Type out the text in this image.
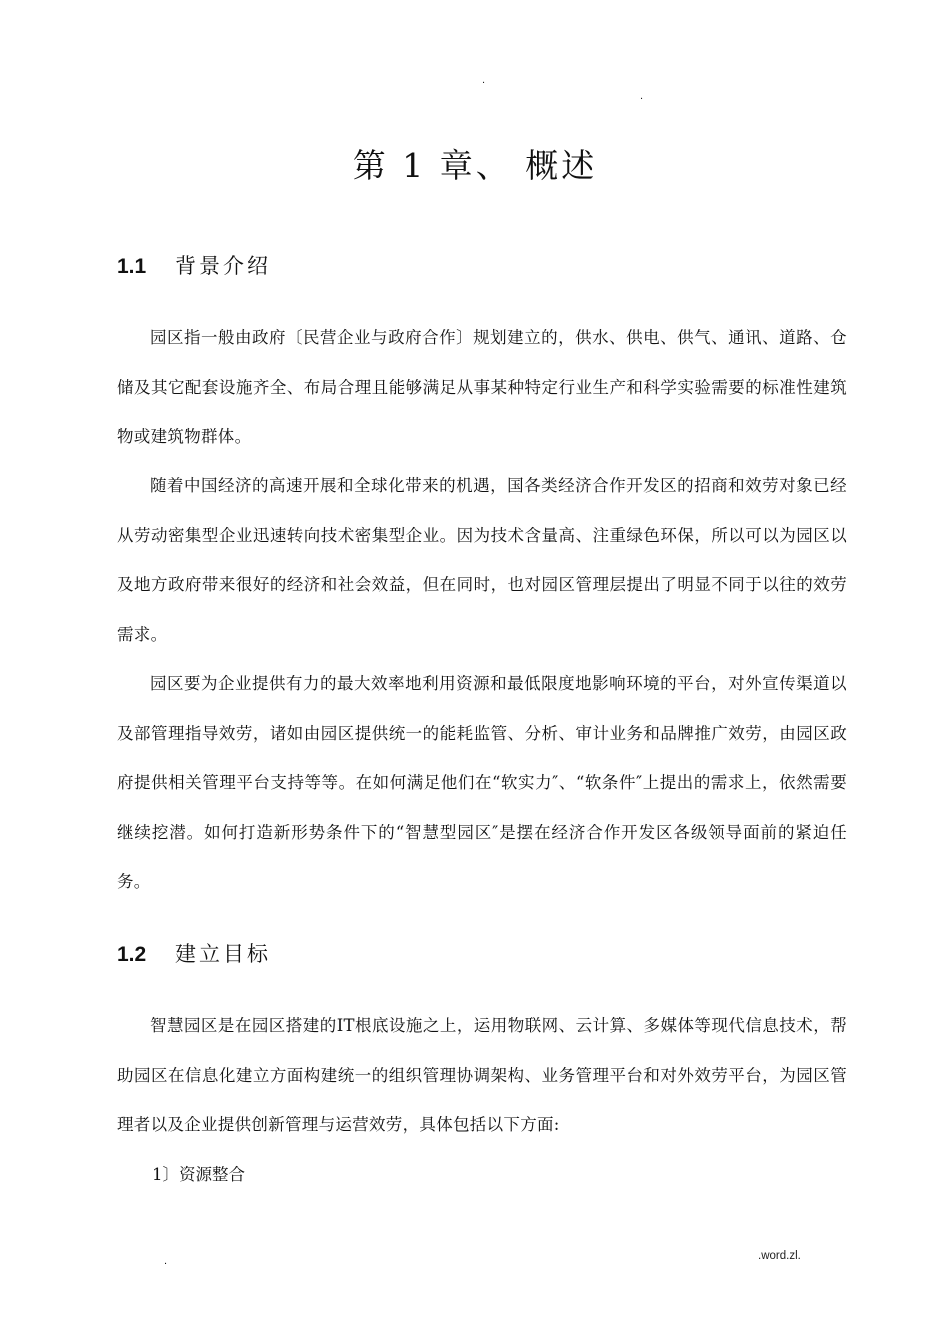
.
.
第 1 章、 概述
1.1 背景介绍

园区指一般由政府〔民营企业与政府合作〕规划建立的，供水、供电、供气、通讯、道路、仓储及其它配套设施齐全、布局合理且能够满足从事某种特定行业生产和科学实验需要的标准性建筑物或建筑物群体。

随着中国经济的高速开展和全球化带来的机遇，国各类经济合作开发区的招商和效劳对象已经从劳动密集型企业迅速转向技术密集型企业。因为技术含量高、注重绿色环保，所以可以为园区以及地方政府带来很好的经济和社会效益，但在同时，也对园区管理层提出了明显不同于以往的效劳需求。

园区要为企业提供有力的最大效率地利用资源和最低限度地影响环境的平台，对外宣传渠道以及部管理指导效劳，诸如由园区提供统一的能耗监管、分析、审计业务和品牌推广效劳，由园区政府提供相关管理平台支持等等。在如何满足他们在“软实力″、“软条件″上提出的需求上，依然需要继续挖潜。如何打造新形势条件下的“智慧型园区″是摆在经济合作开发区各级领导面前的紧迫任务。

1.2 建立目标

智慧园区是在园区搭建的IT根底设施之上，运用物联网、云计算、多媒体等现代信息技术，帮助园区在信息化建立方面构建统一的组织管理协调架构、业务管理平台和对外效劳平台，为园区管理者以及企业提供创新管理与运营效劳，具体包括以下方面:

1〕资源整合
.	.word.zl.
